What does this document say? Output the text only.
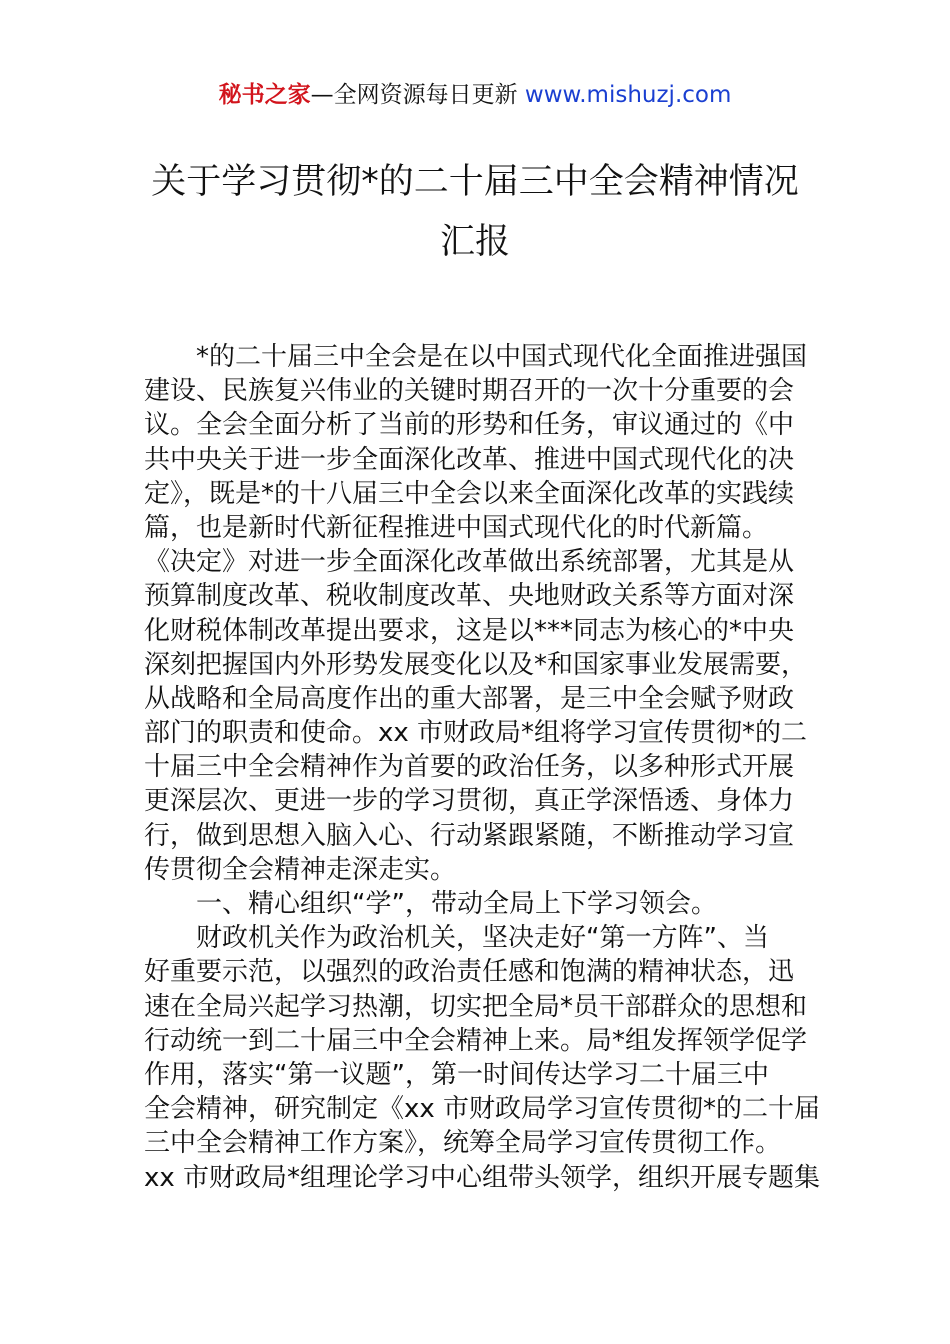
秘书之家—全网资源每日更新 www.mishuzj.com
关于学习贯彻*的二十届三中全会精神情况
汇报
*的二十届三中全会是在以中国式现代化全面推进强国
建设、民族复兴伟业的关键时期召开的一次十分重要的会
议。全会全面分析了当前的形势和任务，审议通过的《中
共中央关于进一步全面深化改革、推进中国式现代化的决
定》，既是*的十八届三中全会以来全面深化改革的实践续
篇，也是新时代新征程推进中国式现代化的时代新篇。
《决定》对进一步全面深化改革做出系统部署，尤其是从
预算制度改革、税收制度改革、央地财政关系等方面对深
化财税体制改革提出要求，这是以***同志为核心的*中央
深刻把握国内外形势发展变化以及*和国家事业发展需要，
从战略和全局高度作出的重大部署，是三中全会赋予财政
部门的职责和使命。xx 市财政局*组将学习宣传贯彻*的二
十届三中全会精神作为首要的政治任务，以多种形式开展
更深层次、更进一步的学习贯彻，真正学深悟透、身体力
行，做到思想入脑入心、行动紧跟紧随，不断推动学习宣
传贯彻全会精神走深走实。
一、精心组织“学”，带动全局上下学习领会。
财政机关作为政治机关，坚决走好“第一方阵”、当
好重要示范，以强烈的政治责任感和饱满的精神状态，迅
速在全局兴起学习热潮，切实把全局*员干部群众的思想和
行动统一到二十届三中全会精神上来。局*组发挥领学促学
作用，落实“第一议题”，第一时间传达学习二十届三中
全会精神，研究制定《xx 市财政局学习宣传贯彻*的二十届
三中全会精神工作方案》，统筹全局学习宣传贯彻工作。
xx 市财政局*组理论学习中心组带头领学，组织开展专题集
